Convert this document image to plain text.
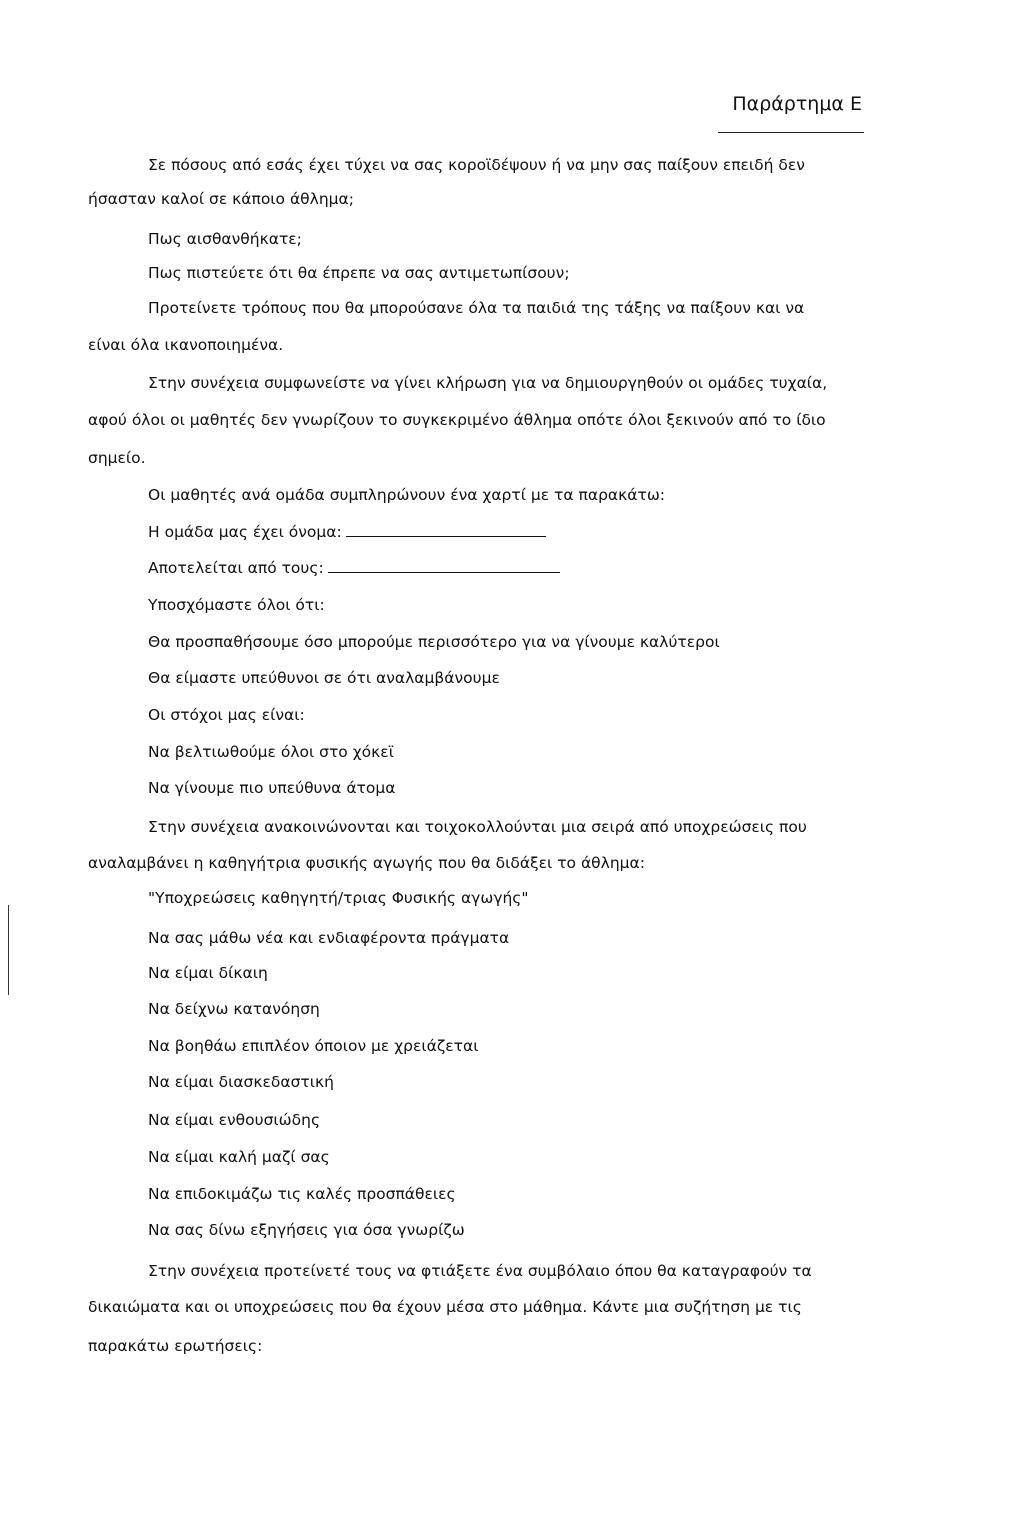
Παράρτημα Ε
Σε πόσους από εσάς έχει τύχει να σας κοροϊδέψουν ή να μην σας παίξουν επειδή δεν
ήσασταν καλοί σε κάποιο άθλημα;
Πως αισθανθήκατε;
Πως πιστεύετε ότι θα έπρεπε να σας αντιμετωπίσουν;
Προτείνετε τρόπους που θα μπορούσανε όλα τα παιδιά της τάξης να παίξουν και να
είναι όλα ικανοποιημένα.
Στην συνέχεια συμφωνείστε να γίνει κλήρωση για να δημιουργηθούν οι ομάδες τυχαία,
αφού όλοι οι μαθητές δεν γνωρίζουν το συγκεκριμένο άθλημα οπότε όλοι ξεκινούν από το ίδιο
σημείο.
Οι μαθητές ανά ομάδα συμπληρώνουν ένα χαρτί με τα παρακάτω:
Η ομάδα μας έχει όνομα:
Αποτελείται από τους:
Υποσχόμαστε όλοι ότι:
Θα προσπαθήσουμε όσο μπορούμε περισσότερο για να γίνουμε καλύτεροι
Θα είμαστε υπεύθυνοι σε ότι αναλαμβάνουμε
Οι στόχοι μας είναι:
Να βελτιωθούμε όλοι στο χόκεϊ
Να γίνουμε πιο υπεύθυνα άτομα
Στην συνέχεια ανακοινώνονται και τοιχοκολλούνται μια σειρά από υποχρεώσεις που
αναλαμβάνει η καθηγήτρια φυσικής αγωγής που θα διδάξει το άθλημα:
"Υποχρεώσεις καθηγητή/τριας Φυσικής αγωγής"
Να σας μάθω νέα και ενδιαφέροντα πράγματα
Να είμαι δίκαιη
Να δείχνω κατανόηση
Να βοηθάω επιπλέον όποιον με χρειάζεται
Να είμαι διασκεδαστική
Να είμαι ενθουσιώδης
Να είμαι καλή μαζί σας
Να επιδοκιμάζω τις καλές προσπάθειες
Να σας δίνω εξηγήσεις για όσα γνωρίζω
Στην συνέχεια προτείνετέ τους να φτιάξετε ένα συμβόλαιο όπου θα καταγραφούν τα
δικαιώματα και οι υποχρεώσεις που θα έχουν μέσα στο μάθημα. Κάντε μια συζήτηση με τις
παρακάτω ερωτήσεις:
